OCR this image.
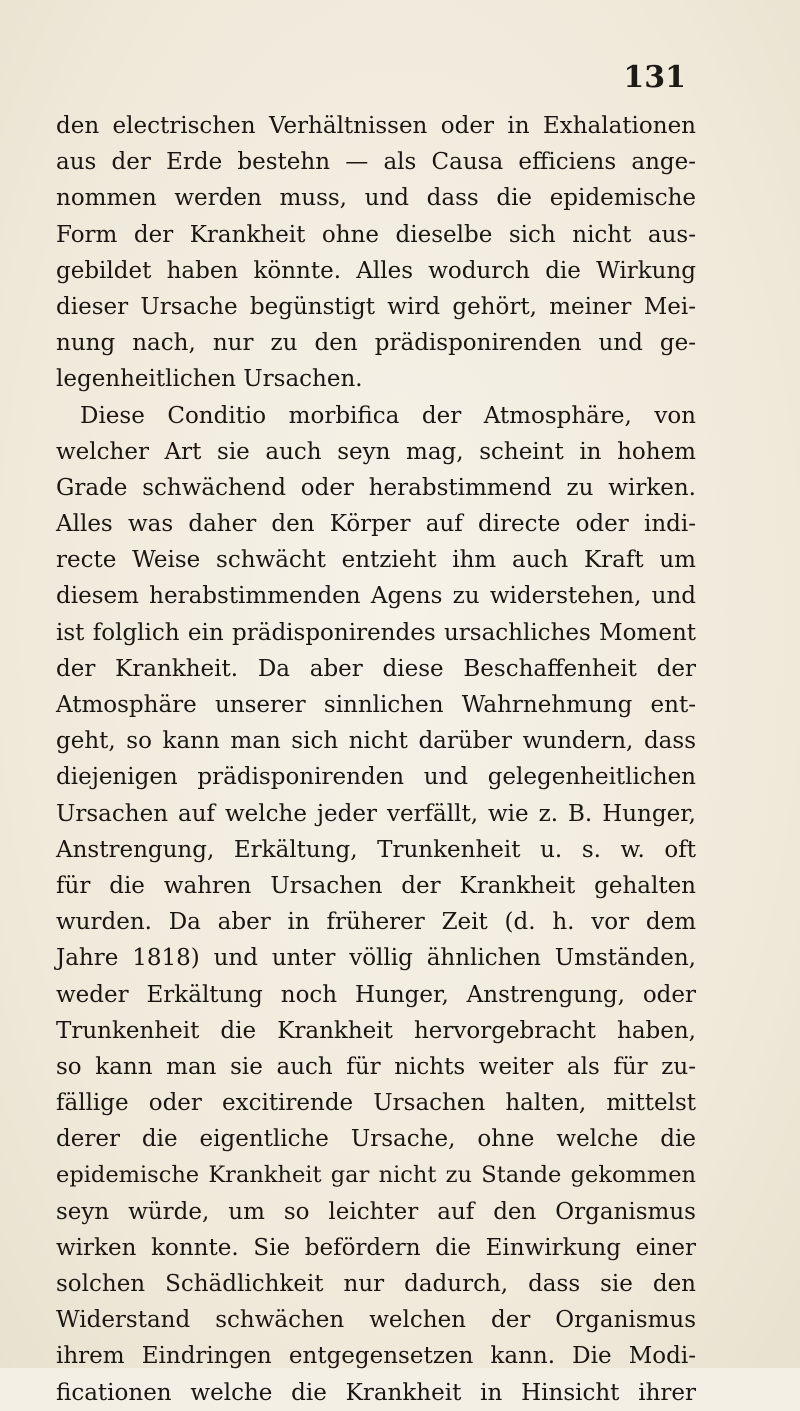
131
den electrischen Verhältnissen oder in Exhalationen
aus der Erde bestehn — als Causa efficiens ange-
nommen werden muss, und dass die epidemische
Form der Krankheit ohne dieselbe sich nicht aus-
gebildet haben könnte. Alles wodurch die Wirkung
dieser Ursache begünstigt wird gehört, meiner Mei-
nung nach, nur zu den prädisponirenden und ge-
legenheitlichen Ursachen.
Diese Conditio morbifica der Atmosphäre, von
welcher Art sie auch seyn mag, scheint in hohem
Grade schwächend oder herabstimmend zu wirken.
Alles was daher den Körper auf directe oder indi-
recte Weise schwächt entzieht ihm auch Kraft um
diesem herabstimmenden Agens zu widerstehen, und
ist folglich ein prädisponirendes ursachliches Moment
der Krankheit. Da aber diese Beschaffenheit der
Atmosphäre unserer sinnlichen Wahrnehmung ent-
geht, so kann man sich nicht darüber wundern, dass
diejenigen prädisponirenden und gelegenheitlichen
Ursachen auf welche jeder verfällt, wie z. B. Hunger,
Anstrengung, Erkältung, Trunkenheit u. s. w. oft
für die wahren Ursachen der Krankheit gehalten
wurden. Da aber in früherer Zeit (d. h. vor dem
Jahre 1818) und unter völlig ähnlichen Umständen,
weder Erkältung noch Hunger, Anstrengung, oder
Trunkenheit die Krankheit hervorgebracht haben,
so kann man sie auch für nichts weiter als für zu-
fällige oder excitirende Ursachen halten, mittelst
derer die eigentliche Ursache, ohne welche die
epidemische Krankheit gar nicht zu Stande gekommen
seyn würde, um so leichter auf den Organismus
wirken konnte. Sie befördern die Einwirkung einer
solchen Schädlichkeit nur dadurch, dass sie den
Widerstand schwächen welchen der Organismus
ihrem Eindringen entgegensetzen kann. Die Modi-
ficationen welche die Krankheit in Hinsicht ihrer
